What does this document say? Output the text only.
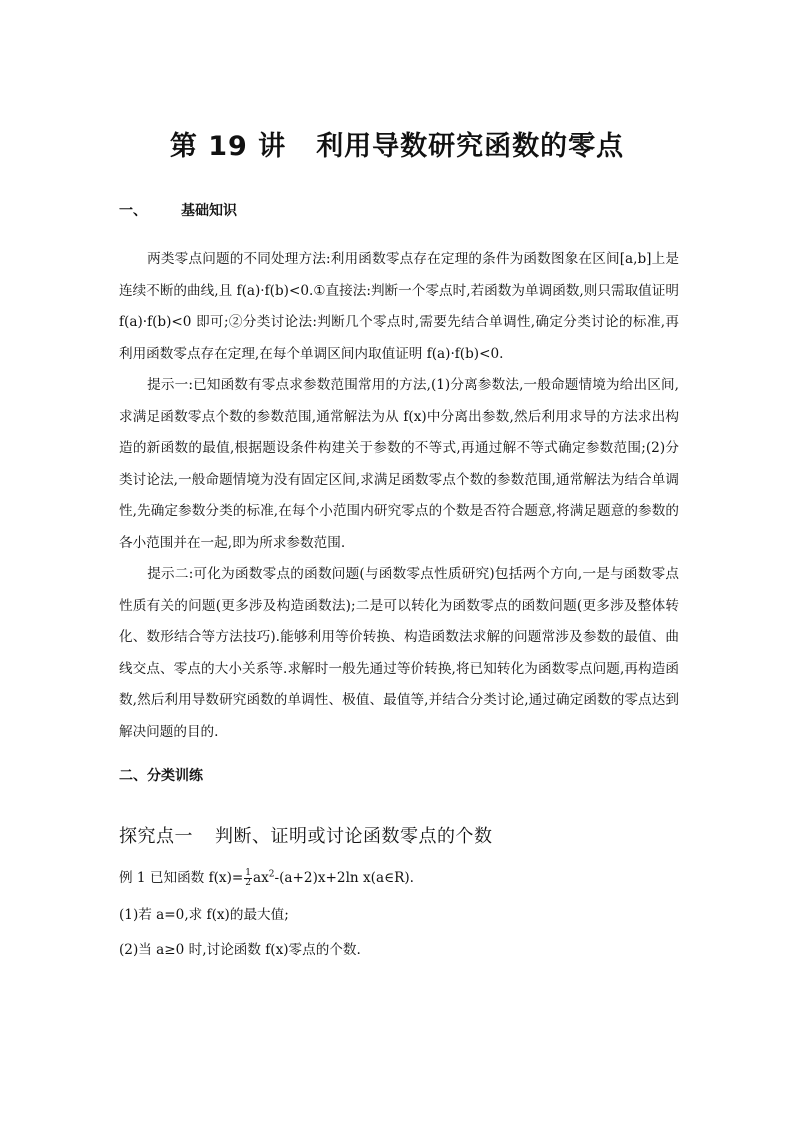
第 19 讲 利用导数研究函数的零点
一、 基础知识

两类零点问题的不同处理方法:利用函数零点存在定理的条件为函数图象在区间[a,b]上是连续不断的曲线,且 f(a)·f(b)<0.①直接法:判断一个零点时,若函数为单调函数,则只需取值证明 f(a)·f(b)<0 即可;②分类讨论法:判断几个零点时,需要先结合单调性,确定分类讨论的标准,再利用函数零点存在定理,在每个单调区间内取值证明 f(a)·f(b)<0.

提示一:已知函数有零点求参数范围常用的方法,(1)分离参数法,一般命题情境为给出区间,求满足函数零点个数的参数范围,通常解法为从 f(x)中分离出参数,然后利用求导的方法求出构造的新函数的最值,根据题设条件构建关于参数的不等式,再通过解不等式确定参数范围;(2)分类讨论法,一般命题情境为没有固定区间,求满足函数零点个数的参数范围,通常解法为结合单调性,先确定参数分类的标准,在每个小范围内研究零点的个数是否符合题意,将满足题意的参数的各小范围并在一起,即为所求参数范围.

提示二:可化为函数零点的函数问题(与函数零点性质研究)包括两个方向,一是与函数零点性质有关的问题(更多涉及构造函数法);二是可以转化为函数零点的函数问题(更多涉及整体转化、数形结合等方法技巧).能够利用等价转换、构造函数法求解的问题常涉及参数的最值、曲线交点、零点的大小关系等.求解时一般先通过等价转换,将已知转化为函数零点问题,再构造函数,然后利用导数研究函数的单调性、极值、最值等,并结合分类讨论,通过确定函数的零点达到解决问题的目的.

二、分类训练
探究点一 判断、证明或讨论函数零点的个数
例 1 已知函数 $f(x)= \frac{1}{2} ax^2-(a+2)x+2\ln$ x(a∈R).
(1)若 a=0,求 f(x)的最大值;
(2)当 a≥0 时,讨论函数 f(x)零点的个数.
